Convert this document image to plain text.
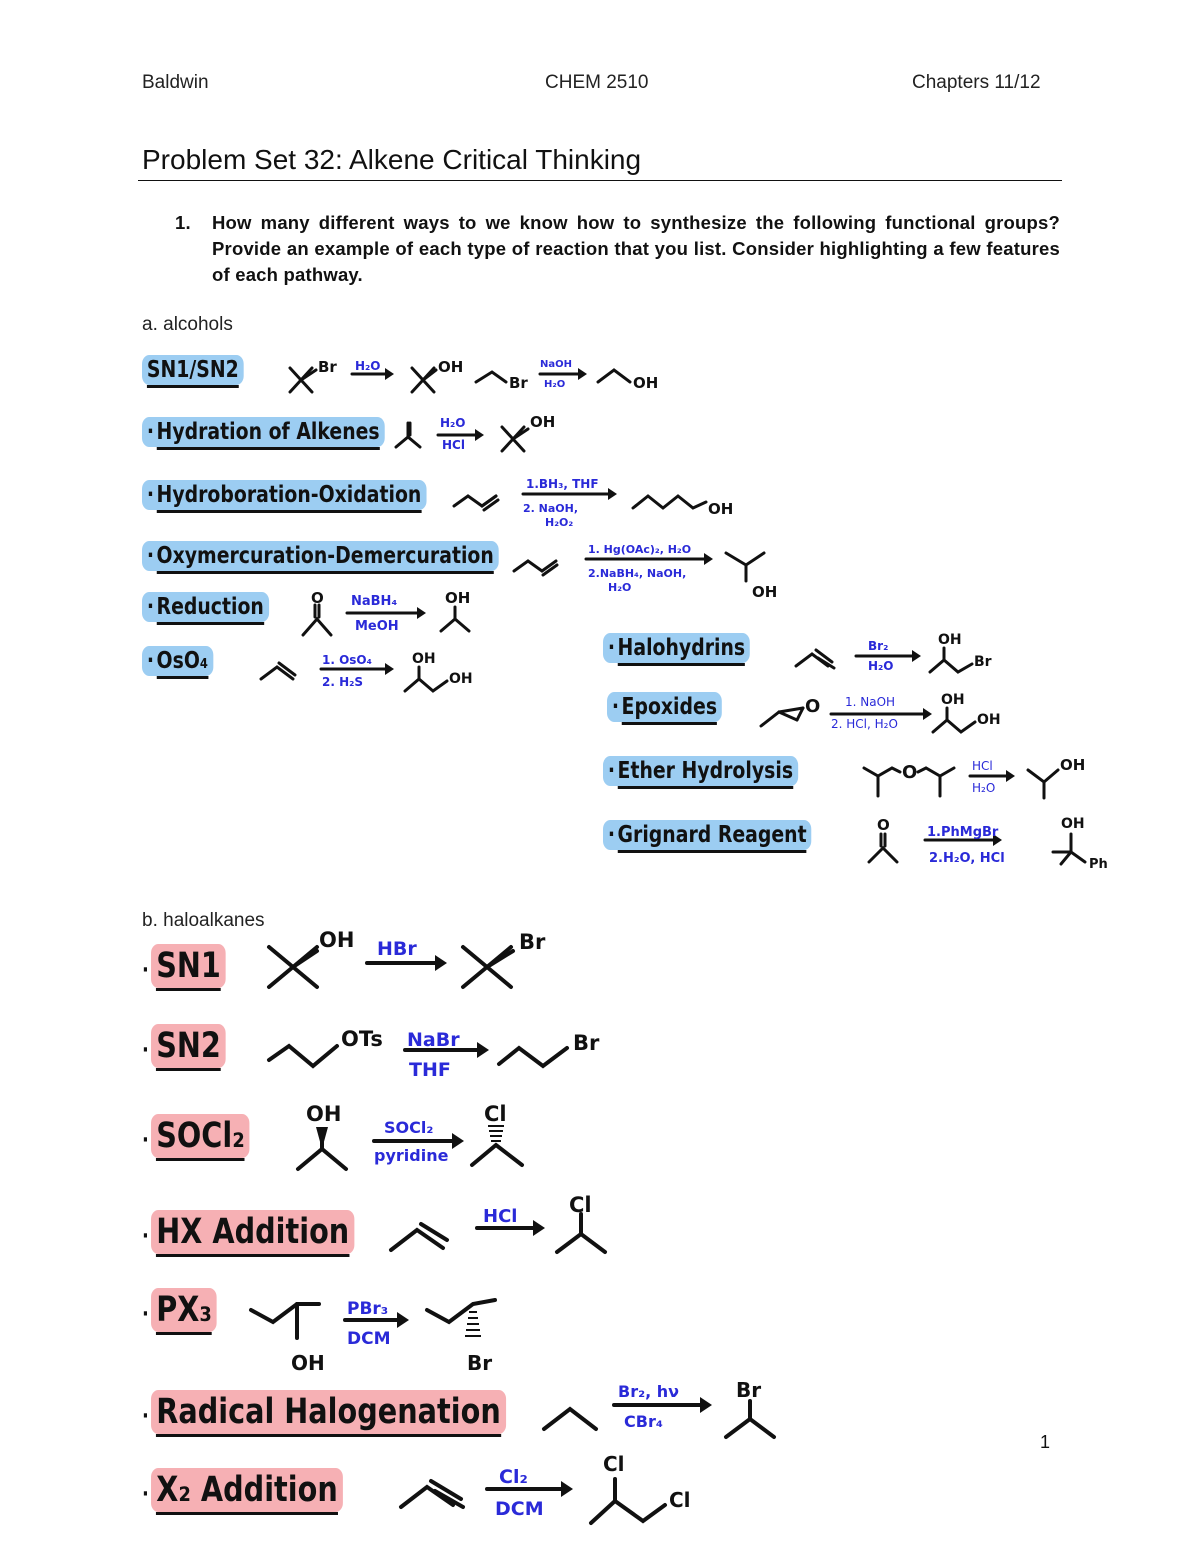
Baldwin	CHEM 2510	Chapters 11/12
Problem Set 32: Alkene Critical Thinking
1. How many different ways to we know how to synthesize the following functional groups? Provide an example of each type of reaction that you list. Consider highlighting a few features of each pathway.
a. alcohols
SN1/SN2	Br H₂O	OH
Br
NaOH
H₂O	OH
· Hydration of Alkenes	H₂O
HCl
OH
· Hydroboration-Oxidation	1.BH₃, THF
2. NaOH,
H₂O₂
OH
· Oxymercuration-Demercuration	1. Hg(OAc)₂, H₂O
2.NaBH₄, NaOH,
H₂O	OH
· Reduction	O NaBH₄
MeOH
OH
· OsO₄	1. OsO₄
2. H₂S
OH
OH
· Halohydrins	Br₂
H₂O
OH
Br
· Epoxides	O 1. NaOH
2. HCl, H₂O
OH
OH
· Ether Hydrolysis	O	HCl
H₂O
OH
· Grignard Reagent	O	1.PhMgBr
2.H₂O, HCl
OH
Ph
b. haloalkanes
· SN1
OH HBr	Br
· SN2	OTs NaBr
THF
Br
· SOCl₂
OH
SOCl₂
pyridine
Cl
· HX Addition	HCl Cl
· PX₃
OH
PBr₃
DCM
Br
· Radical Halogenation
Br₂, hν
CBr₄
Br
· X₂ Addition	Cl₂
DCM
Cl
Cl
1
